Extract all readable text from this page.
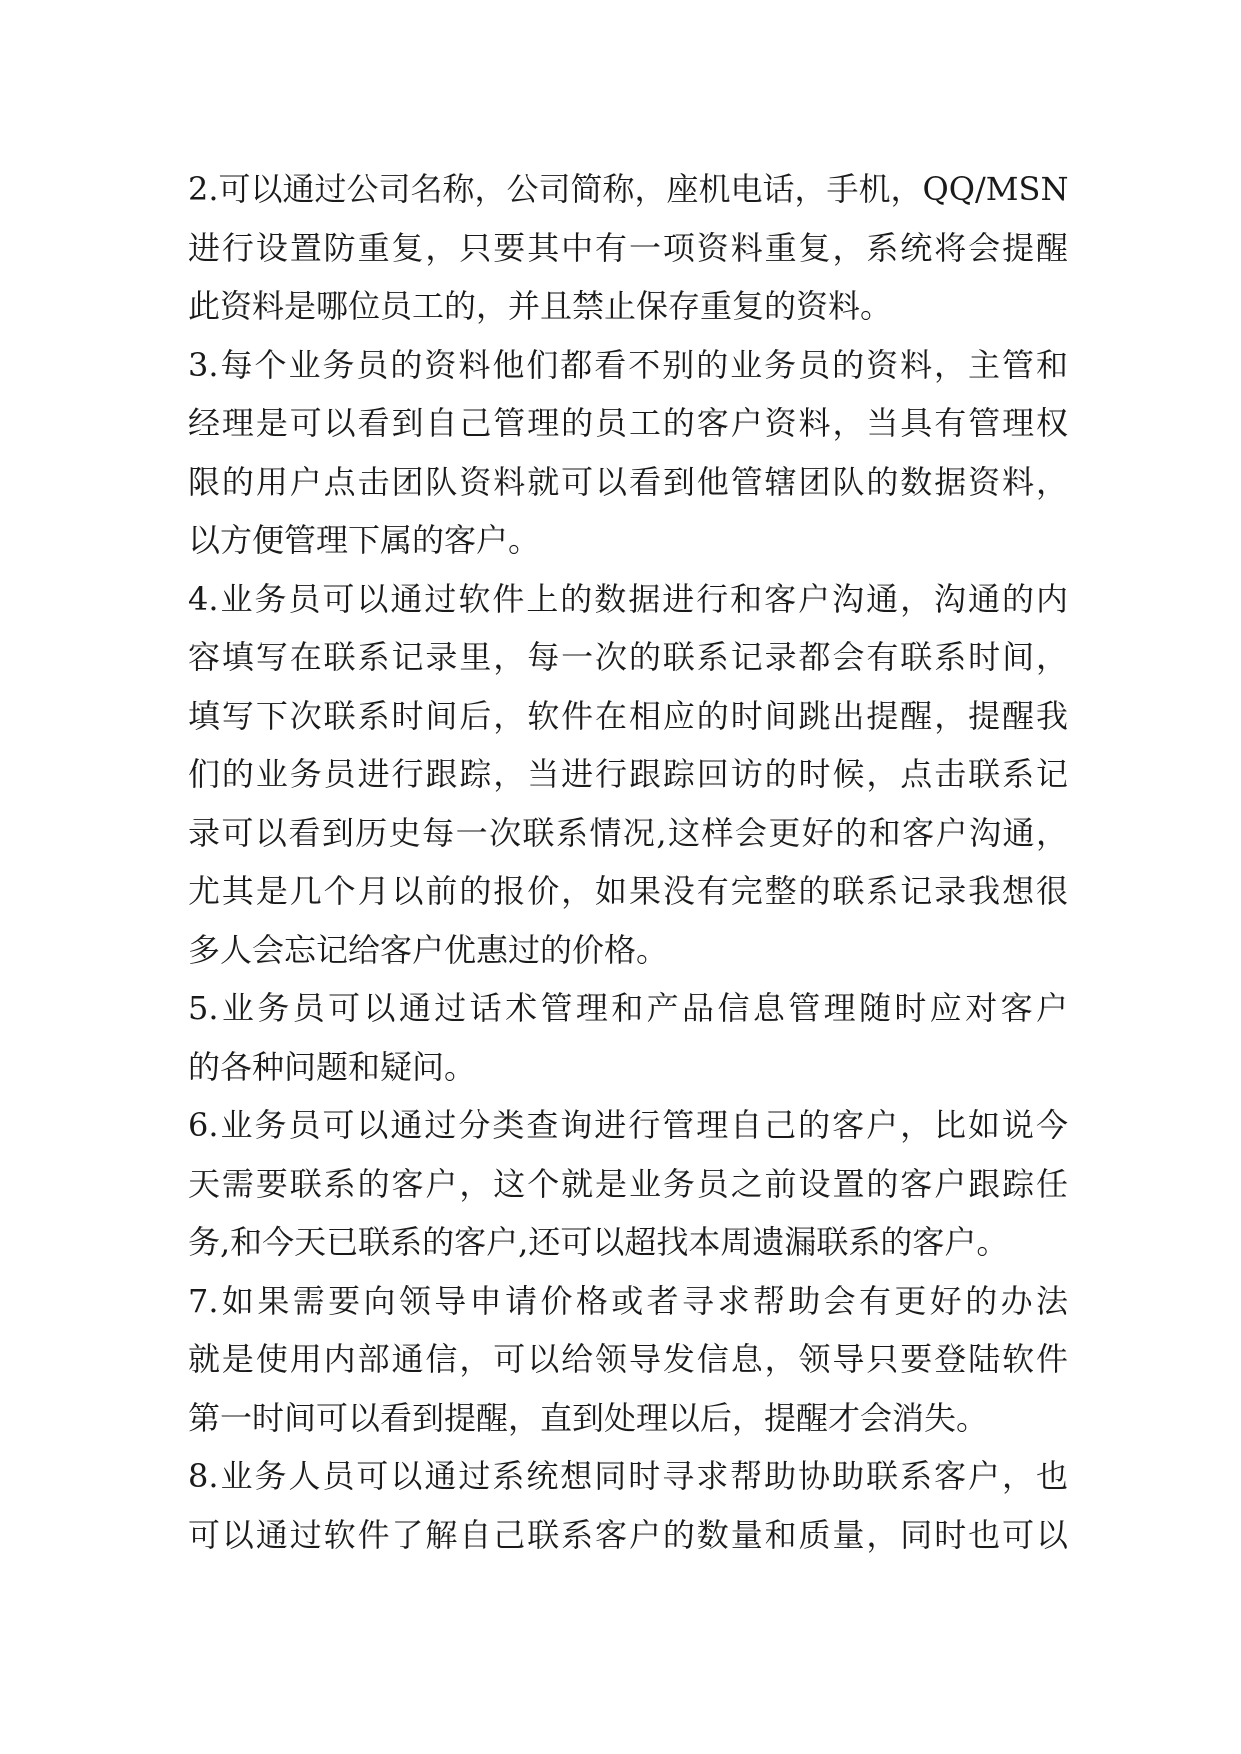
2.可以通过公司名称，公司简称，座机电话，手机，QQ/MSN
进行设置防重复，只要其中有一项资料重复，系统将会提醒
此资料是哪位员工的，并且禁止保存重复的资料。
3.每个业务员的资料他们都看不别的业务员的资料，主管和
经理是可以看到自己管理的员工的客户资料，当具有管理权
限的用户点击团队资料就可以看到他管辖团队的数据资料，
以方便管理下属的客户。
4.业务员可以通过软件上的数据进行和客户沟通，沟通的内
容填写在联系记录里，每一次的联系记录都会有联系时间，
填写下次联系时间后，软件在相应的时间跳出提醒，提醒我
们的业务员进行跟踪，当进行跟踪回访的时候，点击联系记
录可以看到历史每一次联系情况,这样会更好的和客户沟通，
尤其是几个月以前的报价，如果没有完整的联系记录我想很
多人会忘记给客户优惠过的价格。
5.业务员可以通过话术管理和产品信息管理随时应对客户
的各种问题和疑问。
6.业务员可以通过分类查询进行管理自己的客户，比如说今
天需要联系的客户，这个就是业务员之前设置的客户跟踪任
务,和今天已联系的客户,还可以超找本周遗漏联系的客户。
7.如果需要向领导申请价格或者寻求帮助会有更好的办法
就是使用内部通信，可以给领导发信息，领导只要登陆软件
第一时间可以看到提醒，直到处理以后，提醒才会消失。
8.业务人员可以通过系统想同时寻求帮助协助联系客户，也
可以通过软件了解自己联系客户的数量和质量，同时也可以
